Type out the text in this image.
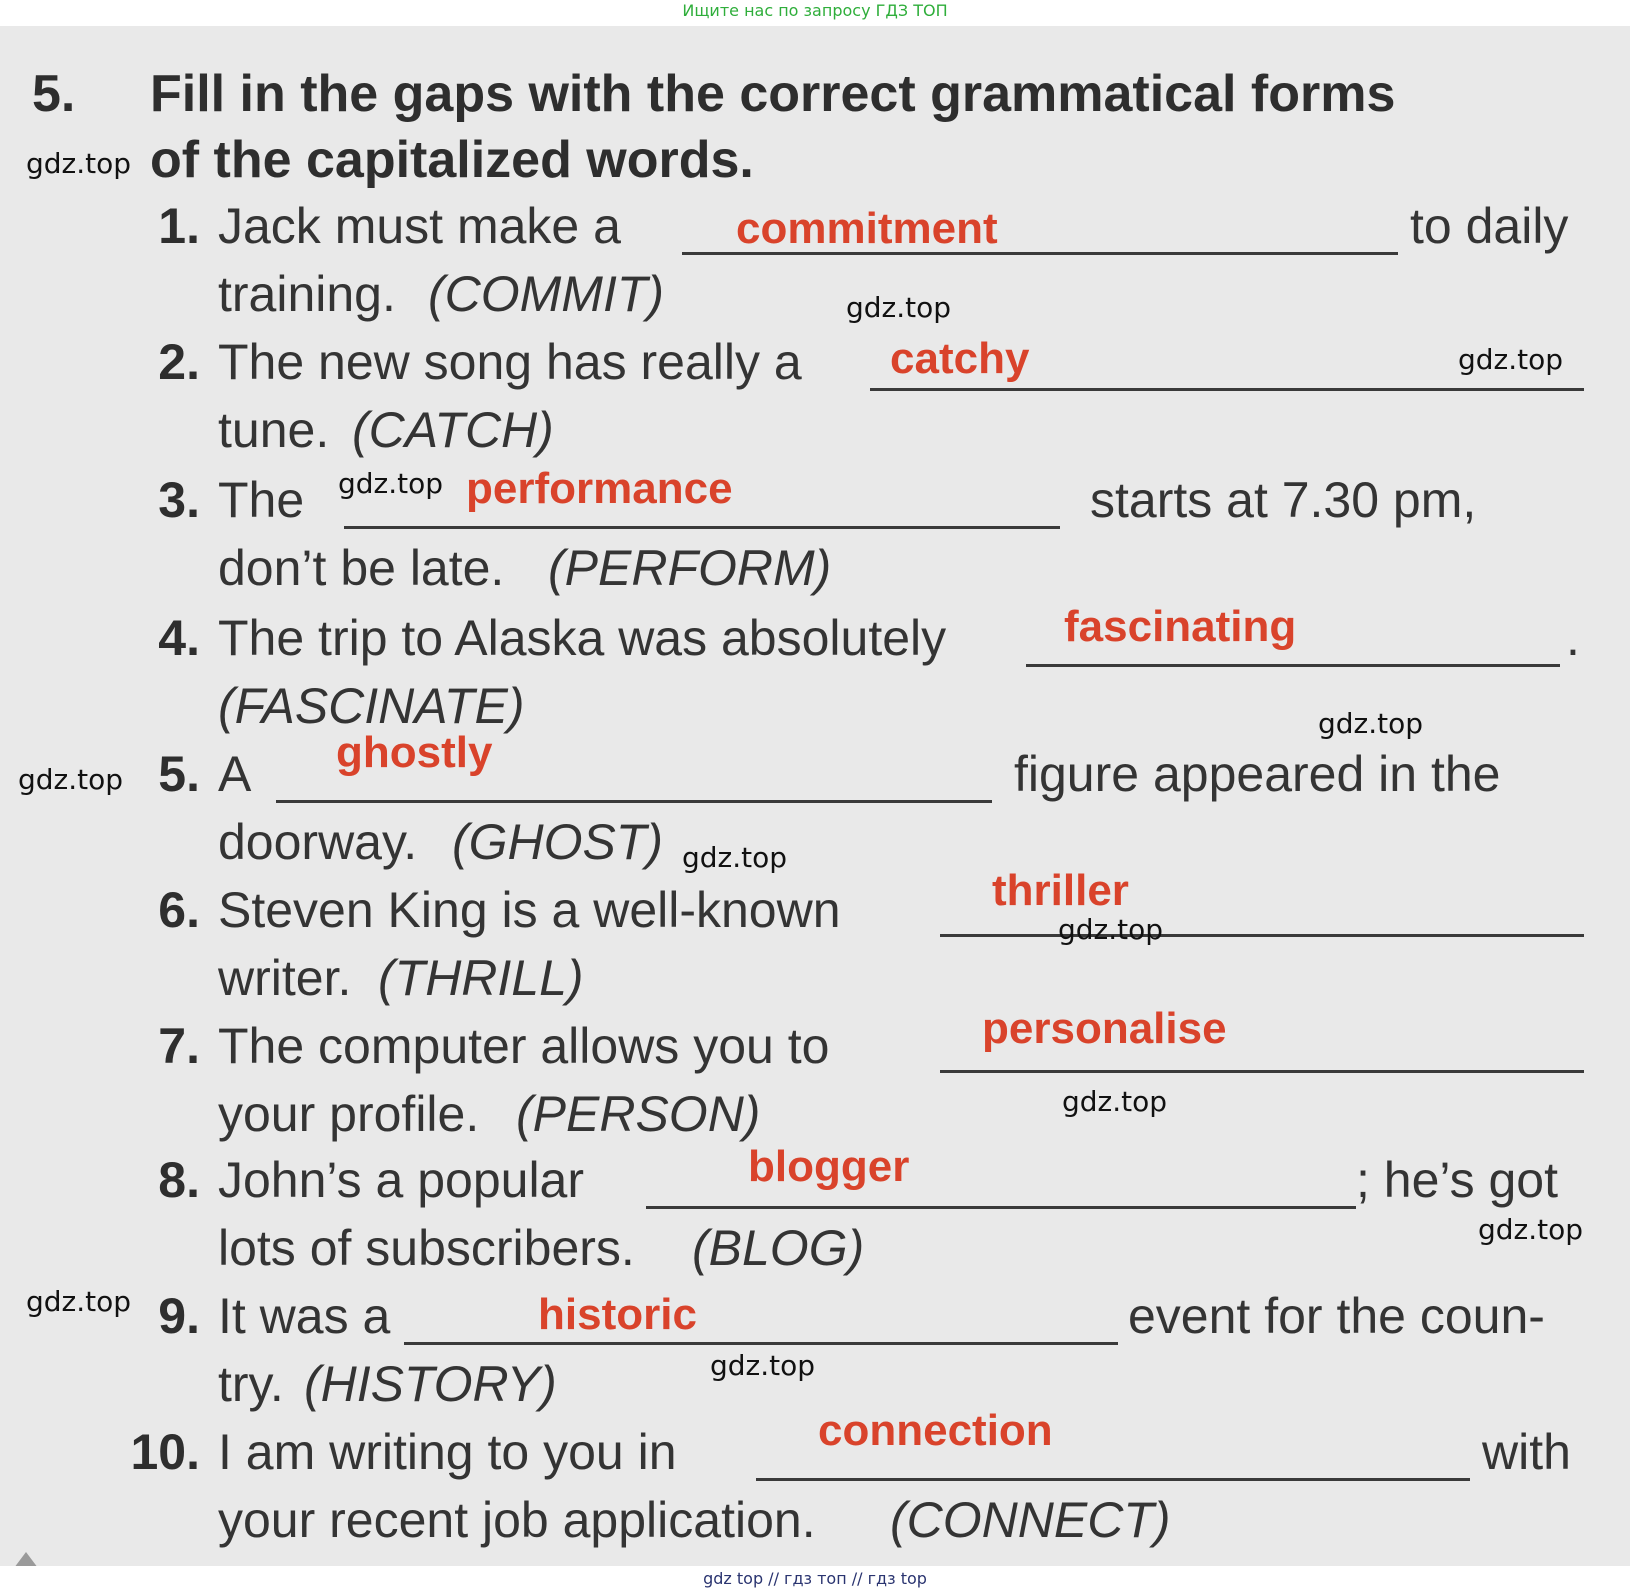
Ищите нас по запросу ГДЗ ТОП
5. Fill in the gaps with the correct grammatical forms
of the capitalized words.
1. Jack must make a	commitment	to daily
training. (COMMIT)
2. The new song has really a catchy
tune. (CATCH)
3. The	performance	starts at 7.30 pm,
don’t be late. (PERFORM)
4. The trip to Alaska was absolutely	fascinating	.
(FASCINATE)
5. A ghostly	figure appeared in the
doorway. (GHOST)
6. Steven King is a well-known	thriller
writer. (THRILL)
7. The computer allows you to	personalise
your profile. (PERSON)
8. John’s a popular	blogger	; he’s got
lots of subscribers. (BLOG)
9. It was a	historic	event for the coun-
try. (HISTORY)
10. I am writing to you in	connection	with
your recent job application. (CONNECT)
gdz.top
gdz.top
gdz.top
gdz.top
gdz.top
gdz.top
gdz.top
gdz.top
gdz.top
gdz.top
gdz.top
gdz.top
gdz top // гдз топ // гдз top
